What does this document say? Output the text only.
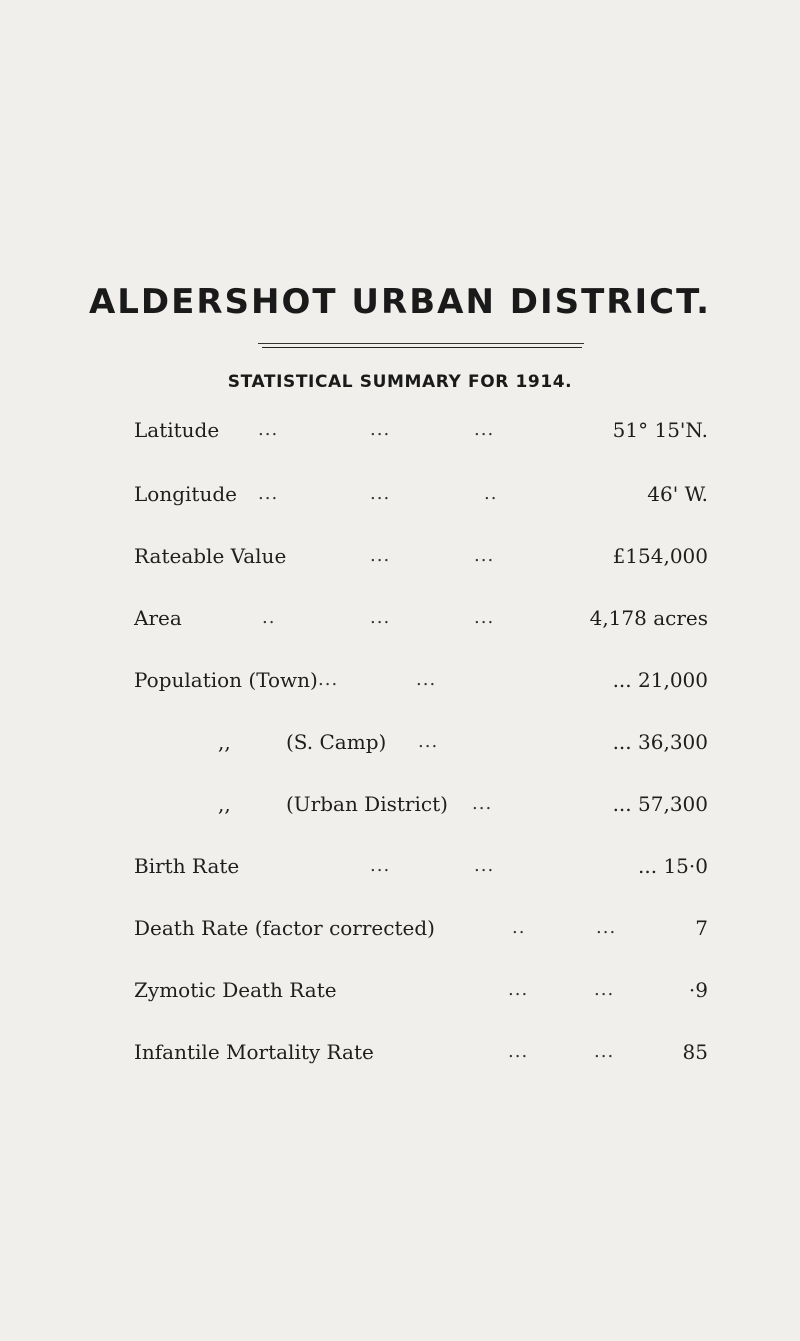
ALDERSHOT URBAN DISTRICT.
STATISTICAL SUMMARY FOR 1914.
Latitude ...	...	...	51° 15'N.
Longitude ...	...	..	46' W.
Rateable Value	...	...	£154,000
Area	..	...	...	4,178 acres
Population (Town) ...	...	... 21,000
,,	(S. Camp) ...	... 36,300
,,	(Urban District) ...	... 57,300
Birth Rate	...	...	... 15·0
Death Rate (factor corrected)	..	...	7
Zymotic Death Rate	...	...	·9
Infantile Mortality Rate	...	...	85
